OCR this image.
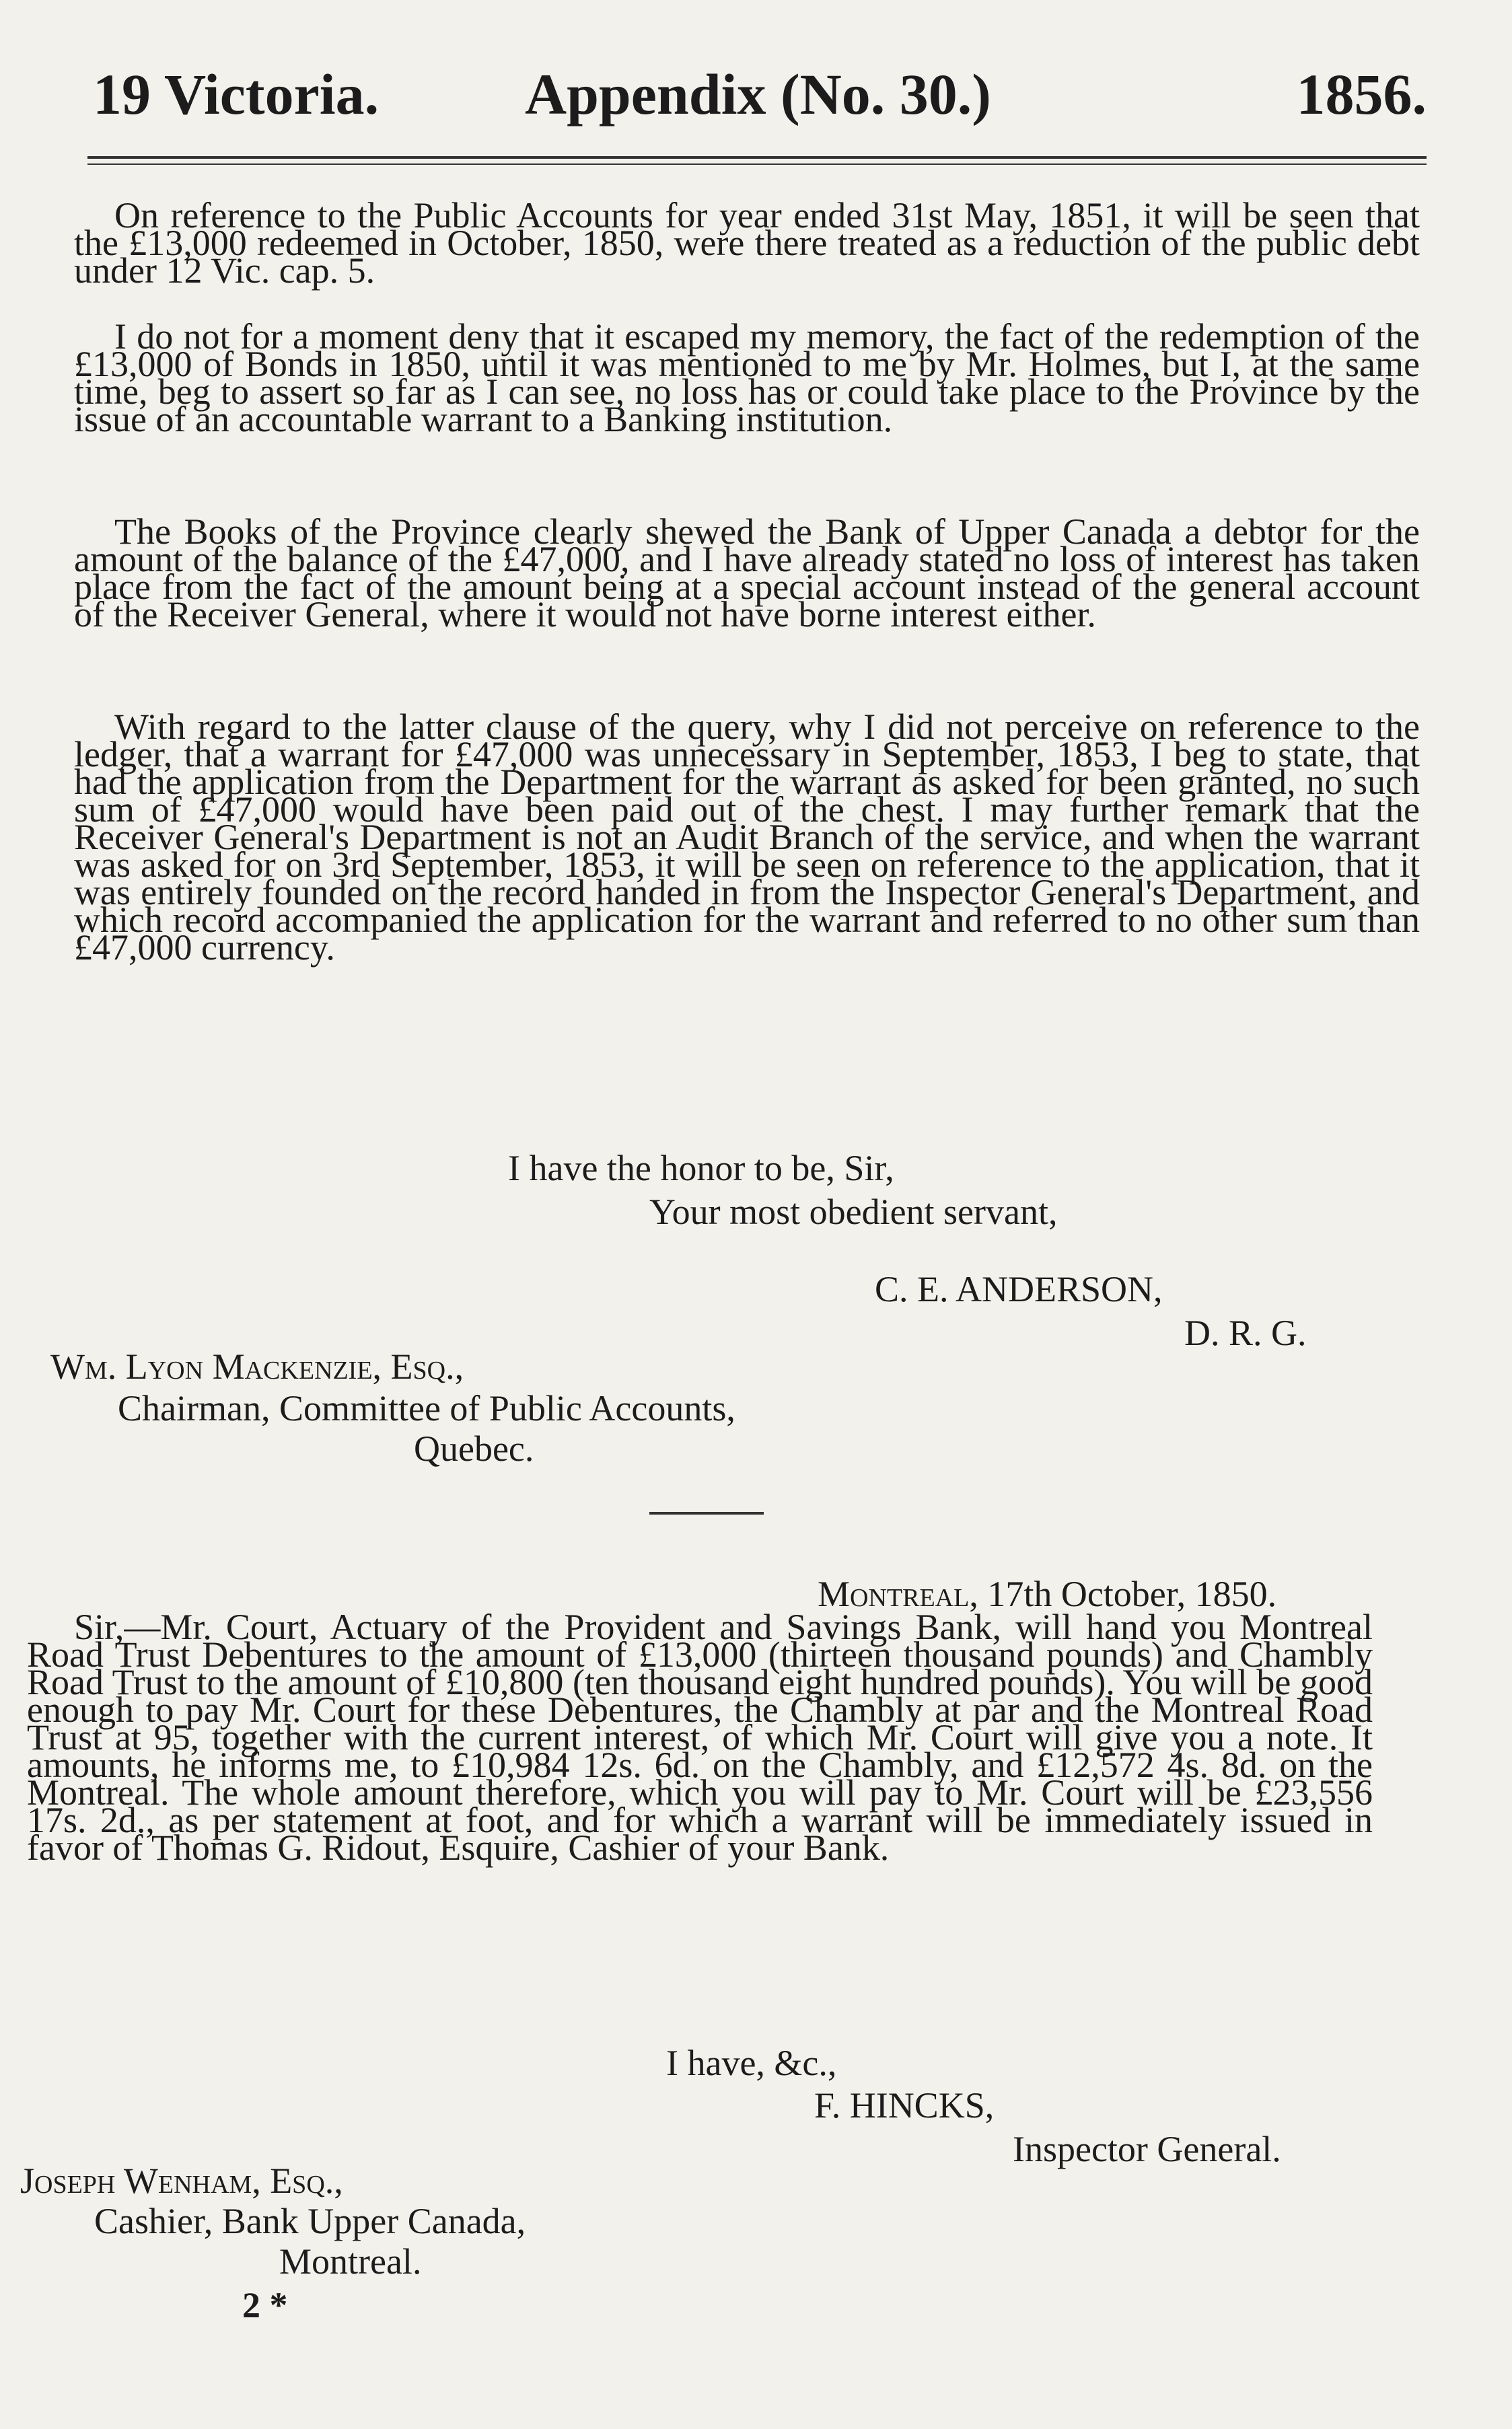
19 Victoria.	Appendix (No. 30.)	1856.

On reference to the Public Accounts for year ended 31st May, 1851, it will be seen that the £13,000 redeemed in October, 1850, were there treated as a reduction of the public debt under 12 Vic. cap. 5.

I do not for a moment deny that it escaped my memory, the fact of the redemption of the £13,000 of Bonds in 1850, until it was mentioned to me by Mr. Holmes, but I, at the same time, beg to assert so far as I can see, no loss has or could take place to the Province by the issue of an accountable warrant to a Banking institution.

The Books of the Province clearly shewed the Bank of Upper Canada a debtor for the amount of the balance of the £47,000, and I have already stated no loss of interest has taken place from the fact of the amount being at a special account instead of the general account of the Receiver General, where it would not have borne interest either.

With regard to the latter clause of the query, why I did not perceive on reference to the ledger, that a warrant for £47,000 was unnecessary in September, 1853, I beg to state, that had the application from the Department for the warrant as asked for been granted, no such sum of £47,000 would have been paid out of the chest. I may further remark that the Receiver General's Department is not an Audit Branch of the service, and when the warrant was asked for on 3rd September, 1853, it will be seen on reference to the application, that it was entirely founded on the record handed in from the Inspector General's Department, and which record accompanied the application for the warrant and referred to no other sum than £47,000 currency.

I have the honor to be, Sir,

Your most obedient servant,

C. E. ANDERSON,

D. R. G.

Wm. Lyon Mackenzie, Esq.,

Chairman, Committee of Public Accounts,

Quebec.

Montreal, 17th October, 1850.

Sir,—Mr. Court, Actuary of the Provident and Savings Bank, will hand you Montreal Road Trust Debentures to the amount of £13,000 (thirteen thousand pounds) and Chambly Road Trust to the amount of £10,800 (ten thousand eight hundred pounds). You will be good enough to pay Mr. Court for these Debentures, the Chambly at par and the Montreal Road Trust at 95, together with the current interest, of which Mr. Court will give you a note. It amounts, he informs me, to £10,984 12s. 6d. on the Chambly, and £12,572 4s. 8d. on the Montreal. The whole amount therefore, which you will pay to Mr. Court will be £23,556 17s. 2d., as per statement at foot, and for which a warrant will be immediately issued in favor of Thomas G. Ridout, Esquire, Cashier of your Bank.

I have, &c.,

F. HINCKS,

Inspector General.

Joseph Wenham, Esq.,

Cashier, Bank Upper Canada,

Montreal.

2 *
